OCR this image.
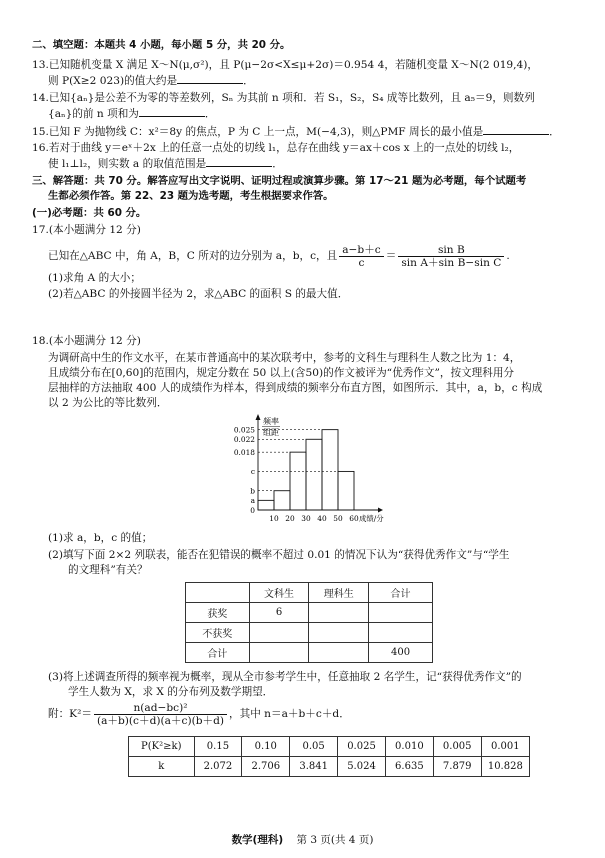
二、填空题：本题共 4 小题，每小题 5 分，共 20 分。
13.已知随机变量 X 满足 X～N(μ,σ²)，且 P(μ−2σ<X≤μ+2σ)＝0.954 4，若随机变量 X～N(2 019,4)，
则 P(X≥2 023)的值大约是	．
14.已知{aₙ}是公差不为零的等差数列，Sₙ 为其前 n 项和．若 S₁，S₂，S₄ 成等比数列，且 a₅＝9，则数列
{aₙ}的前 n 项和为	．
15.已知 F 为抛物线 C：x²＝8y 的焦点，P 为 C 上一点，M(−4,3)，则△PMF 周长的最小值是	．
16.若对于曲线 y＝eˣ＋2x 上的任意一点处的切线 l₁，总存在曲线 y＝ax＋cos x 上的一点处的切线 l₂，
使 l₁⊥l₂，则实数 a 的取值范围是	．
三、解答题：共 70 分。解答应写出文字说明、证明过程或演算步骤。第 17～21 题为必考题，每个试题考
生都必须作答。第 22、23 题为选考题，考生根据要求作答。
(一)必考题：共 60 分。
17.(本小题满分 12 分)
已知在△ABC 中，角 A，B，C 所对的边分别为 a，b，c，且 $\frac{a-b+c}{c} = \frac{\text{sin B}}{\text{sin A＋sin B−sin C}}$ .
(1)求角 A 的大小；
(2)若△ABC 的外接圆半径为 2，求△ABC 的面积 S 的最大值．
18.(本小题满分 12 分)
为调研高中生的作文水平，在某市普通高中的某次联考中，参考的文科生与理科生人数之比为 1：4，
且成绩分布在[0,60]的范围内，规定分数在 50 以上(含50)的作文被评为“优秀作文”，按文理科用分
层抽样的方法抽取 400 人的成绩作为样本，得到成绩的频率分布直方图，如图所示．其中，a，b，c 构成
以 2 为公比的等比数列．
频率
组距
0.025
0.022
c
0.018
b
a
0
10 20 30 40 50 60 成绩/分
(1)求 a，b，c 的值；
(2)填写下面 2×2 列联表，能否在犯错误的概率不超过 0.01 的情况下认为“获得优秀作文”与“学生
的文理科”有关？
	文科生	理科生	合计
获奖	6		
不获奖			
合计			400
(3)将上述调查所得的频率视为概率，现从全市参考学生中，任意抽取 2 名学生，记“获得优秀作文”的
学生人数为 X，求 X 的分布列及数学期望．
附：$K^2= \frac{\text{n(ad−bc)²}}{(a+b)(c+d)(a+c)(b+d)}$ ，其中 n＝a＋b＋c＋d．
P(K²≥k)	0.15	0.10	0.05	0.025	0.010	0.005	0.001
k	2.072	2.706	3.841	5.024	6.635	7.879	10.828
数学(理科) 第 3 页(共 4 页)
